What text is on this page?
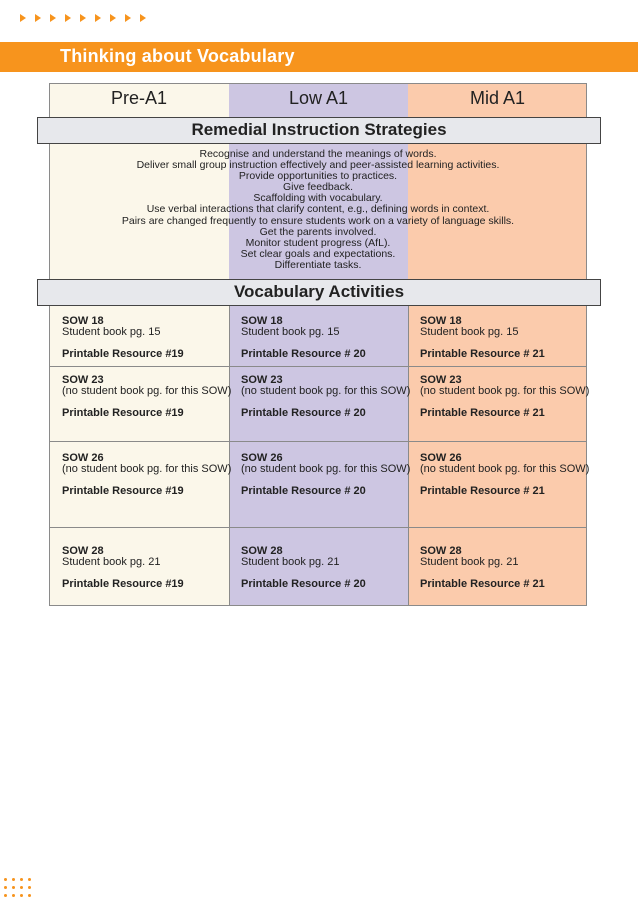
Thinking about Vocabulary
Pre-A1	Low A1	Mid A1
Remedial Instruction Strategies
Recognise and understand the meanings of words.
Deliver small group instruction effectively and peer-assisted learning activities.
Provide opportunities to practices.
Give feedback.
Scaffolding with vocabulary.
Use verbal interactions that clarify content, e.g., defining words in context.
Pairs are changed frequently to ensure students work on a variety of language skills.
Get the parents involved.
Monitor student progress (AfL).
Set clear goals and expectations.
Differentiate tasks.
Vocabulary Activities
SOW 18
Student book pg. 15
Printable Resource #19
SOW 18
Student book pg. 15
Printable Resource # 20
SOW 18
Student book pg. 15
Printable Resource # 21
SOW 23
(no student book pg. for this SOW)
Printable Resource #19
SOW 23
(no student book pg. for this SOW)
Printable Resource # 20
SOW 23
(no student book pg. for this SOW)
Printable Resource # 21
SOW 26
(no student book pg. for this SOW)
Printable Resource #19
SOW 26
(no student book pg. for this SOW)
Printable Resource # 20
SOW 26
(no student book pg. for this SOW)
Printable Resource # 21
SOW 28
Student book pg. 21
Printable Resource #19
SOW 28
Student book pg. 21
Printable Resource # 20
SOW 28
Student book pg. 21
Printable Resource # 21
